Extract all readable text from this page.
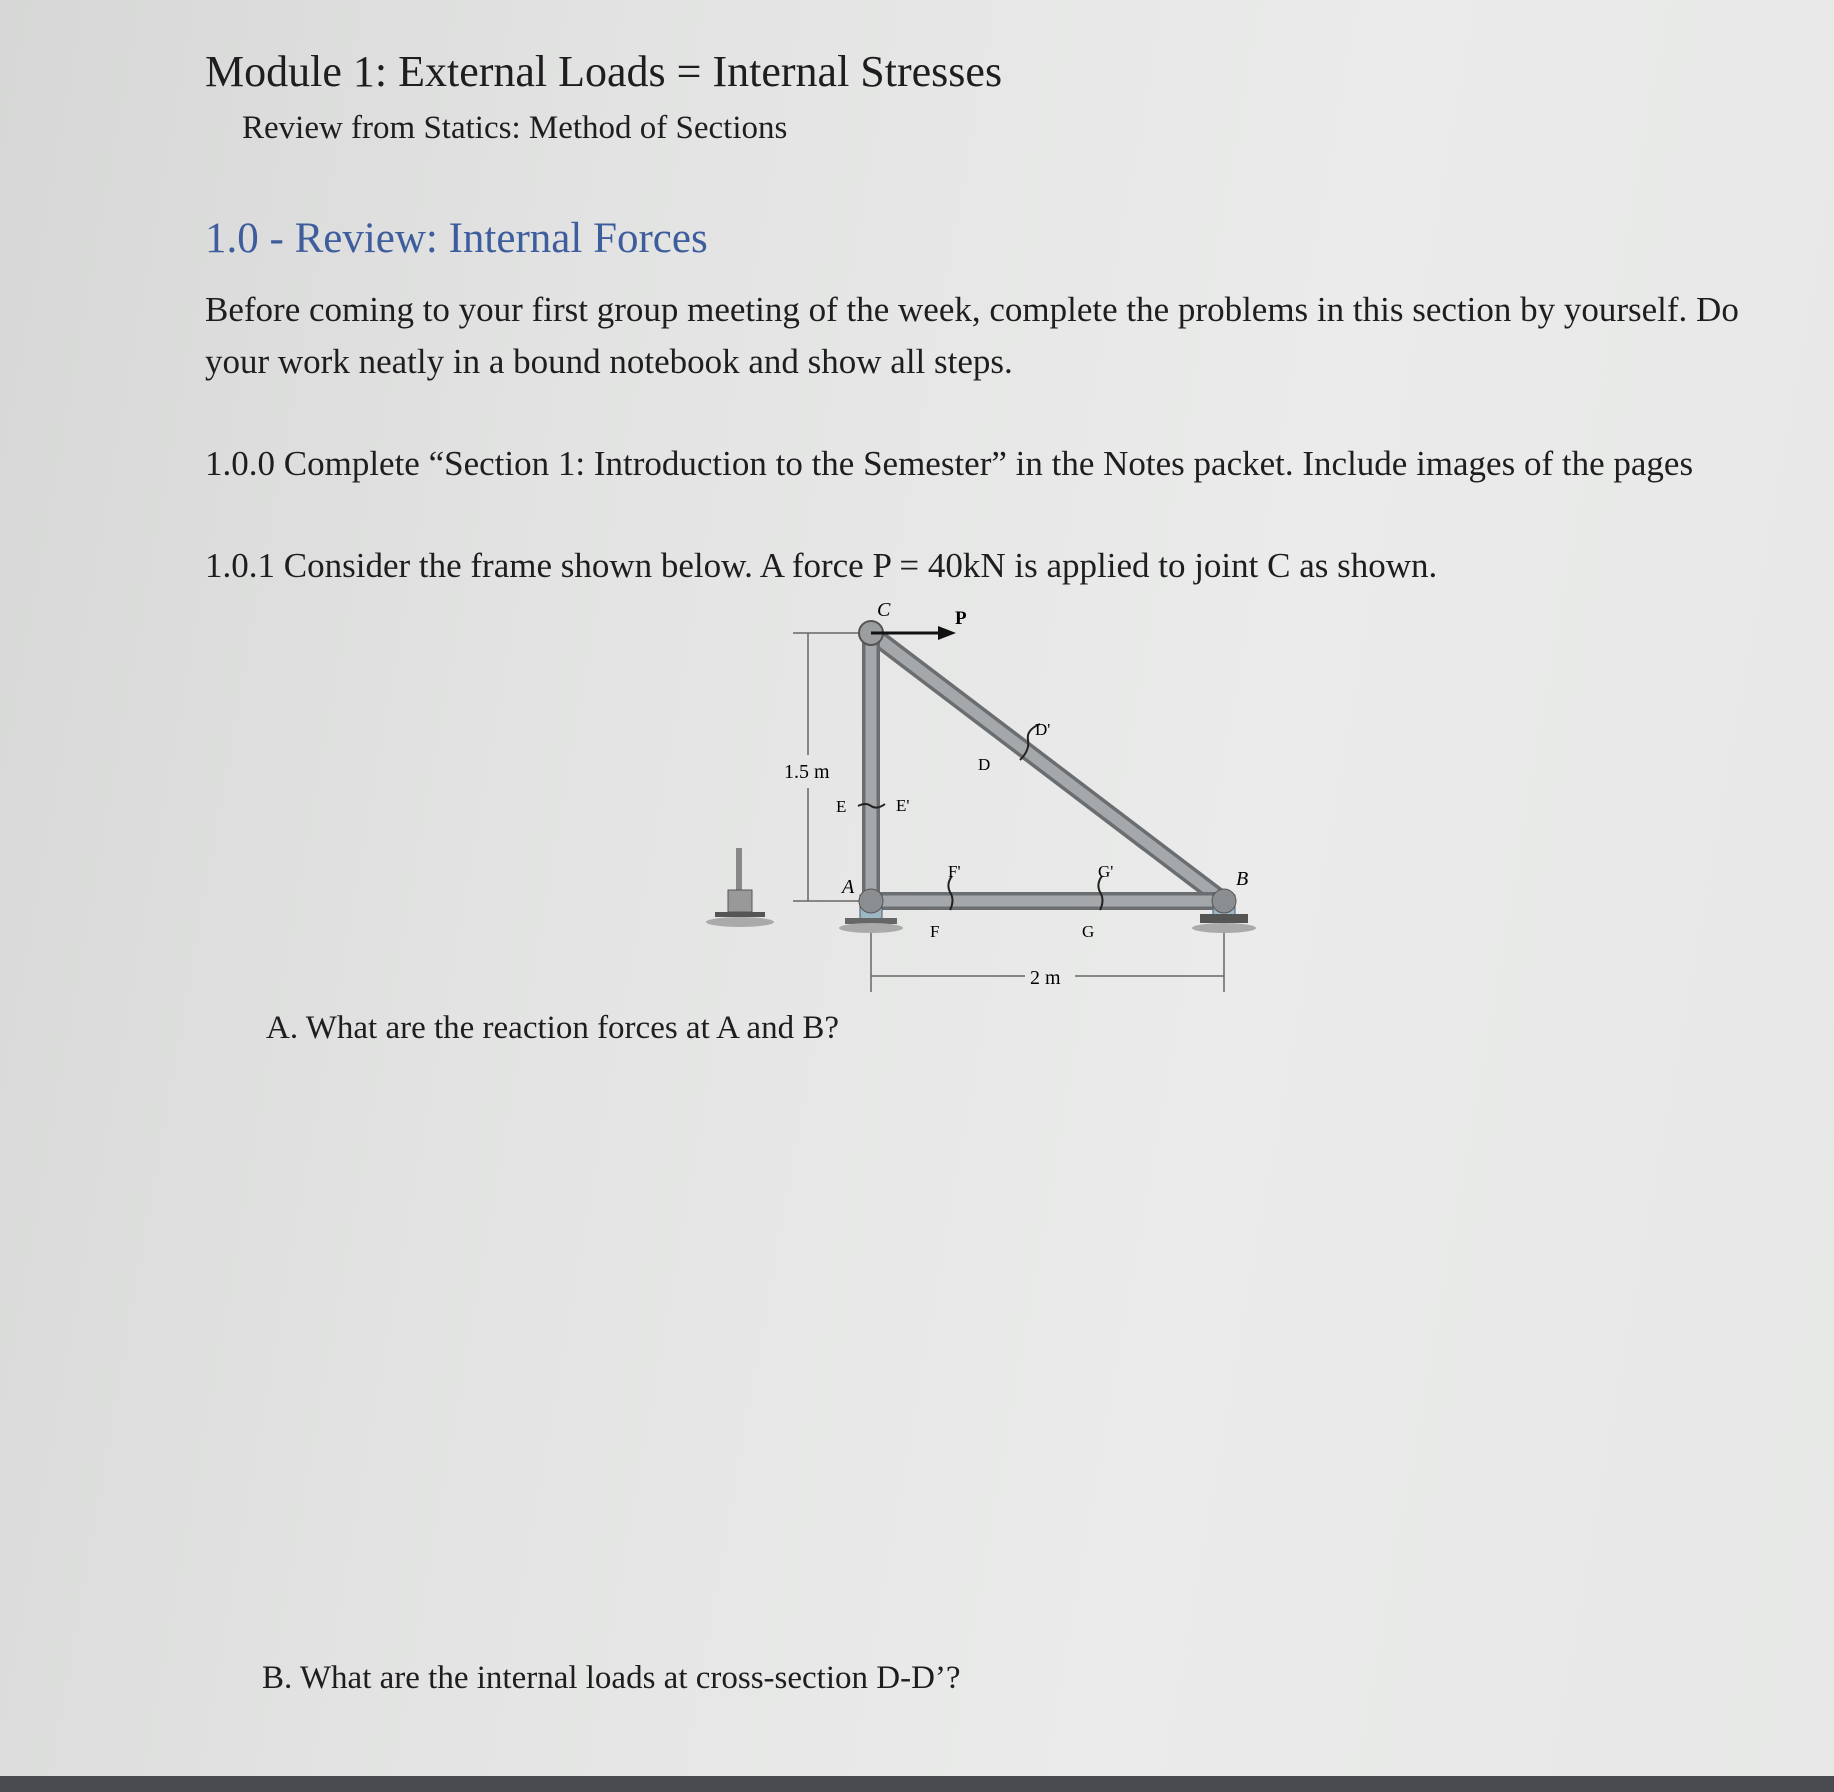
Module 1: External Loads = Internal Stresses
Review from Statics: Method of Sections
1.0 - Review: Internal Forces
Before coming to your first group meeting of the week, complete the problems in this section by yourself. Do
your work neatly in a bound notebook and show all steps.
1.0.0 Complete “Section 1: Introduction to the Semester” in the Notes packet. Include images of the pages
1.0.1 Consider the frame shown below. A force P = 40kN is applied to joint C as shown.
1.5 m
2 m
C	P
A	B
D
D'
E	E'
F
F'
G
G'
A. What are the reaction forces at A and B?
B. What are the internal loads at cross-section D-D’?
